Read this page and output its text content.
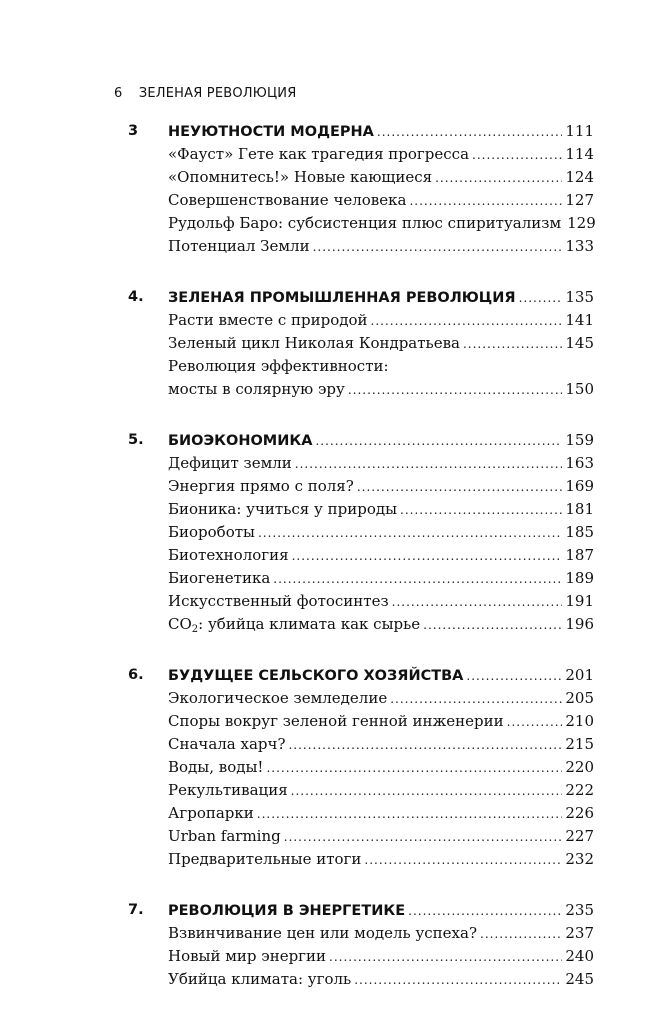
6 ЗЕЛЕНАЯ РЕВОЛЮЦИЯ
3 НЕУЮТНОСТИ МОДЕРНА .....	111
«Фауст» Гете как трагедия прогресса .....	114
«Опомнитесь!» Новые кающиеся .....	124
Совершенствование человека .....	127
Рудольф Баро: субсистенция плюс спиритуализм 129
Потенциал Земли .....	133
4. ЗЕЛЕНАЯ ПРОМЫШЛЕННАЯ РЕВОЛЮЦИЯ .....	135
Расти вместе с природой .....	141
Зеленый цикл Николая Кондратьева .....	145
Революция эффективности:
мосты в солярную эру .....	150
5. БИОЭКОНОМИКА .....	159
Дефицит земли .....	163
Энергия прямо с поля? .....	169
Бионика: учиться у природы .....	181
Биороботы .....	185
Биотехнология .....	187
Биогенетика .....	189
Искусственный фотосинтез .....	191
$CO_2$: убийца климата как сырье .....	196
6. БУДУЩЕЕ СЕЛЬСКОГО ХОЗЯЙСТВА .....	201
Экологическое земледелие .....	205
Споры вокруг зеленой генной инженерии .....	210
Сначала харч? .....	215
Воды, воды! .....	220
Рекультивация .....	222
Агропарки .....	226
Urban farming .....	227
Предварительные итоги .....	232
7. РЕВОЛЮЦИЯ В ЭНЕРГЕТИКЕ .....	235
Взвинчивание цен или модель успеха? .....	237
Новый мир энергии .....	240
Убийца климата: уголь .....	245
